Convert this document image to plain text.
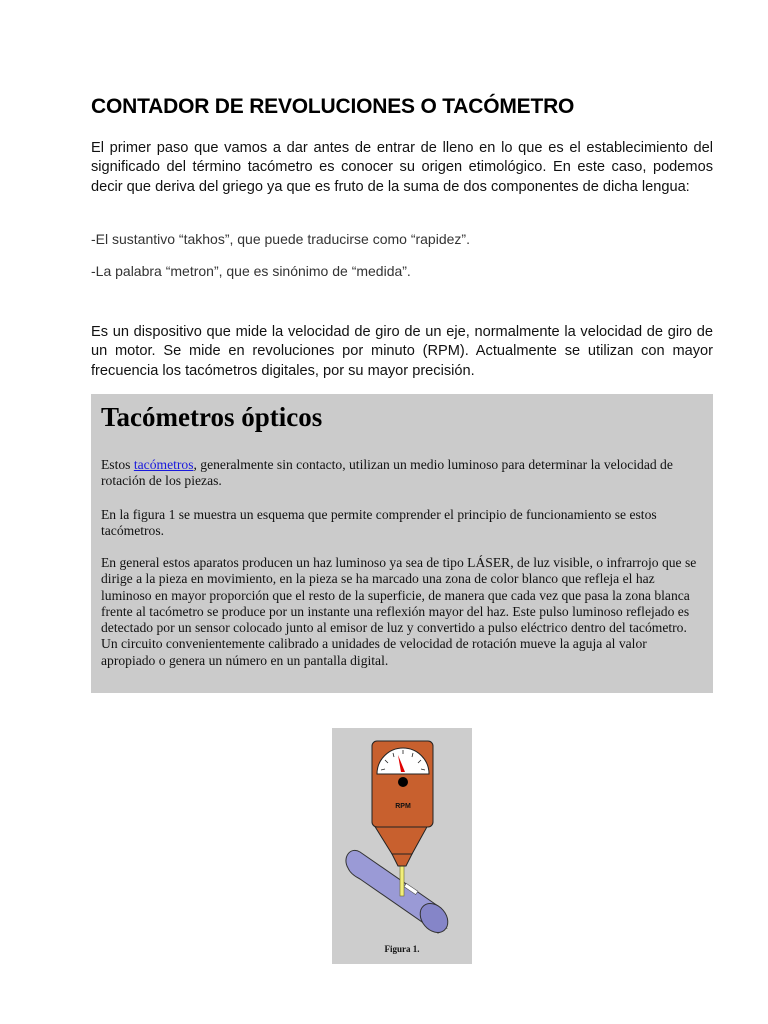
CONTADOR DE REVOLUCIONES O TACÓMETRO

El primer paso que vamos a dar antes de entrar de lleno en lo que es el establecimiento del significado del término tacómetro es conocer su origen etimológico. En este caso, podemos decir que deriva del griego ya que es fruto de la suma de dos componentes de dicha lengua:

-El sustantivo “takhos”, que puede traducirse como “rapidez”.

-La palabra “metron”, que es sinónimo de “medida”.

Es un dispositivo que mide la velocidad de giro de un eje, normalmente la velocidad de giro de un motor. Se mide en revoluciones por minuto (RPM). Actualmente se utilizan con mayor frecuencia los tacómetros digitales, por su mayor precisión.

Tacómetros ópticos

Estos tacómetros, generalmente sin contacto, utilizan un medio luminoso para determinar la velocidad de rotación de los piezas.

En la figura 1 se muestra un esquema que permite comprender el principio de funcionamiento se estos tacómetros.

En general estos aparatos producen un haz luminoso ya sea de tipo LÁSER, de luz visible, o infrarrojo que se dirige a la pieza en movimiento, en la pieza se ha marcado una zona de color blanco que refleja el haz luminoso en mayor proporción que el resto de la superficie, de manera que cada vez que pasa la zona blanca frente al tacómetro se produce por un instante una reflexión mayor del haz. Este pulso luminoso reflejado es detectado por un sensor colocado junto al emisor de luz y convertido a pulso eléctrico dentro del tacómetro. Un circuito convenientemente calibrado a unidades de velocidad de rotación mueve la aguja al valor apropiado o genera un número en un pantalla digital.

RPM
Figura 1.
